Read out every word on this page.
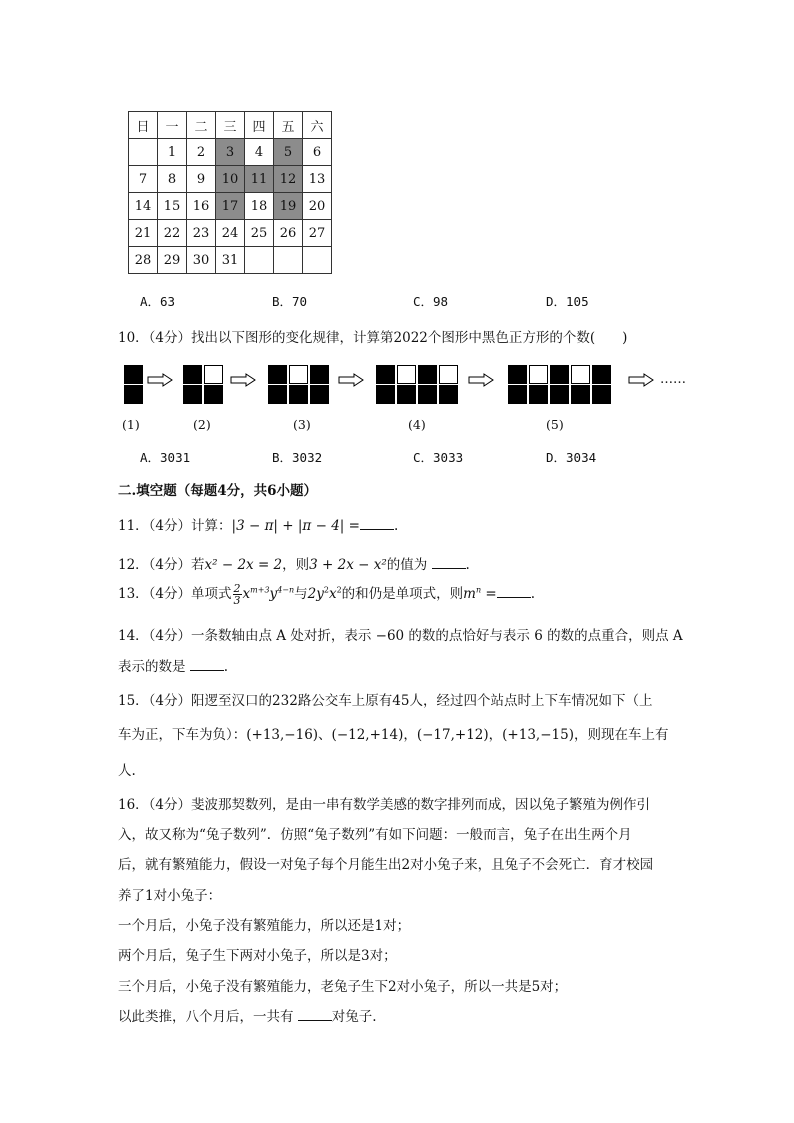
日	一	二	三	四	五	六
	1	2	3	4	5	6
7	8	9	10	11	12	13
14	15	16	17	18	19	20
21	22	23	24	25	26	27
28	29	30	31			
A．63	B．70	C．98	D．105
10．（4分）找出以下图形的变化规律，计算第2022个图形中黑色正方形的个数(　　)
……
(1)	(2)	(3)	(4)	(5)
A．3031	B．3032	C．3033	D．3034
二.填空题（每题4分，共6小题）
11．（4分）计算：|3 − π| + |π − 4| =	.
12．（4分）若x² − 2x = 2，则3 + 2x − x²的值为	.
13．（4分）单项式 $\frac{2}{3} x^{m+3}y^{4-n}$与$2y^2x^2$的和仍是单项式，则$m^n$ =	.
14．（4分）一条数轴由点 A 处对折，表示 −60 的数的点恰好与表示 6 的数的点重合，则点 A
表示的数是	.
15．（4分）阳逻至汉口的232路公交车上原有45人，经过四个站点时上下车情况如下（上
车为正，下车为负）：(+13,−16)、(−12,+14)，(−17,+12)，(+13,−15)，则现在车上有
人.
16．（4分）斐波那契数列，是由一串有数学美感的数字排列而成，因以兔子繁殖为例作引
入，故又称为“兔子数列”．仿照“兔子数列”有如下问题：一般而言，兔子在出生两个月
后，就有繁殖能力，假设一对兔子每个月能生出2对小兔子来，且兔子不会死亡．育才校园
养了1对小兔子：
一个月后，小兔子没有繁殖能力，所以还是1对；
两个月后，兔子生下两对小兔子，所以是3对；
三个月后，小兔子没有繁殖能力，老兔子生下2对小兔子，所以一共是5对；
以此类推，八个月后，一共有	对兔子.
